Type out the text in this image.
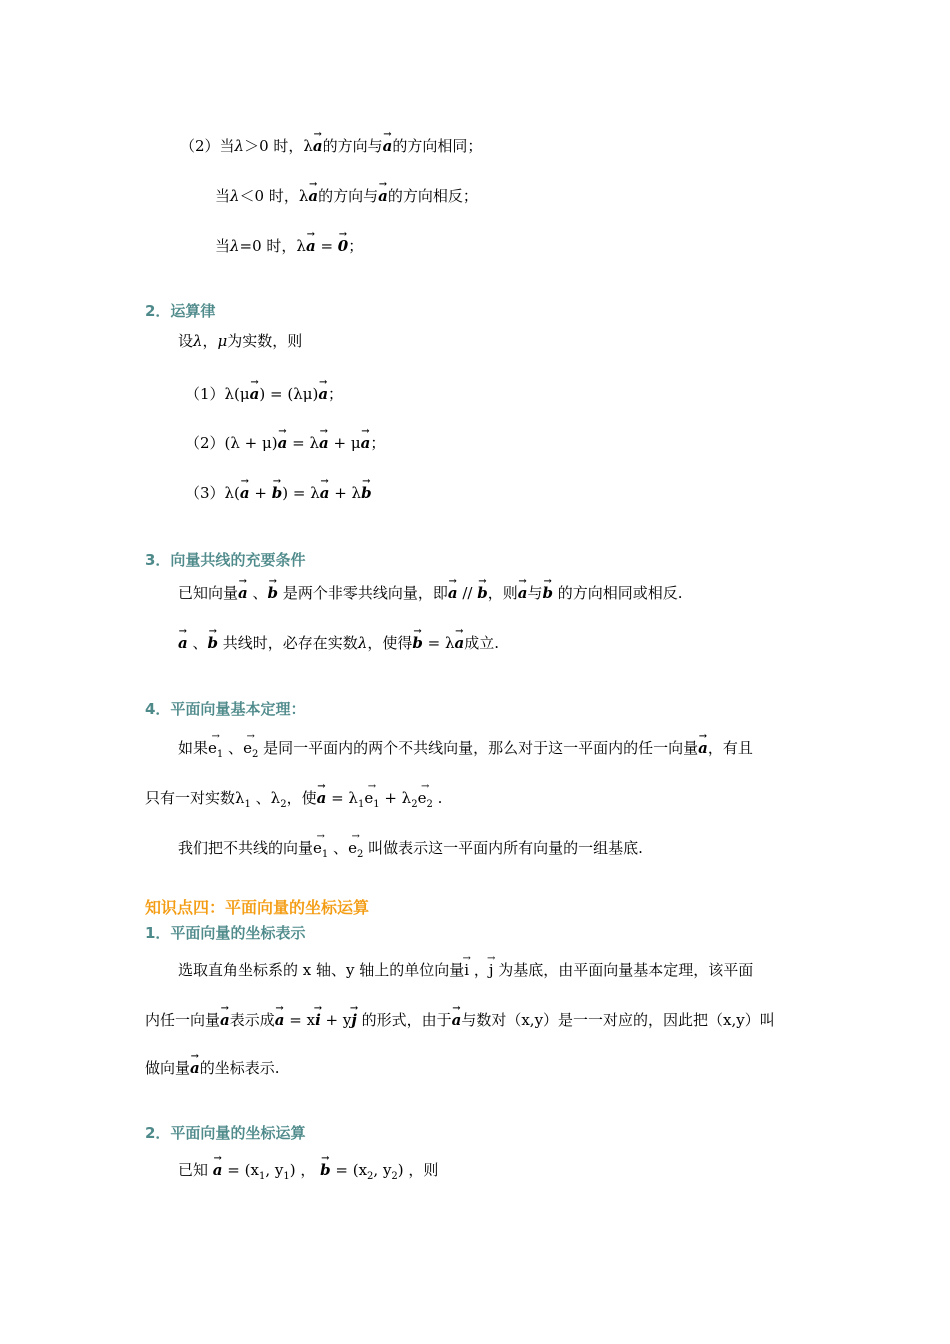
（2）当λ＞0 时，λ→ a的方向与→ a的方向相同；
当λ＜0 时，λ→ a的方向与→ a的方向相反；
当λ=0 时，λ→ a = → 0；
2．运算律
设λ，μ为实数，则
（1）λ(μ→ a) = (λμ)→ a；
（2）(λ + μ)→ a = λ→ a + μ→ a；
（3）λ(→ a + → b) = λ→ a + λ→ b
3．向量共线的充要条件
已知向量→ a 、→ b 是两个非零共线向量，即→ a // → b，则→ a与→ b 的方向相同或相反.
→ a 、→ b 共线时，必存在实数λ，使得→ b = λ→ a成立.
4．平面向量基本定理：
如果→ $e_1$ 、→ $e_2$ 是同一平面内的两个不共线向量，那么对于这一平面内的任一向量→ a，有且
只有一对实数$\lambda_1$ 、$\lambda_2$，使→ $a = \lambda_1\to e_1 + \lambda_2\to e_2$ .
我们把不共线的向量→ $e_1$ 、→ $e_2$ 叫做表示这一平面内所有向量的一组基底.
知识点四：平面向量的坐标运算
1．平面向量的坐标表示
选取直角坐标系的 x 轴、y 轴上的单位向量→ i ，→ j 为基底，由平面向量基本定理，该平面
内任一向量→ a表示成→ a = x→ i + y→ j 的形式，由于→ a与数对（x,y）是一一对应的，因此把（x,y）叫
做向量→ a的坐标表示.
2．平面向量的坐标运算
已知 → $a = (x_1$, $y_1$) ， → $b = (x_2$, $y_2$) ，则
